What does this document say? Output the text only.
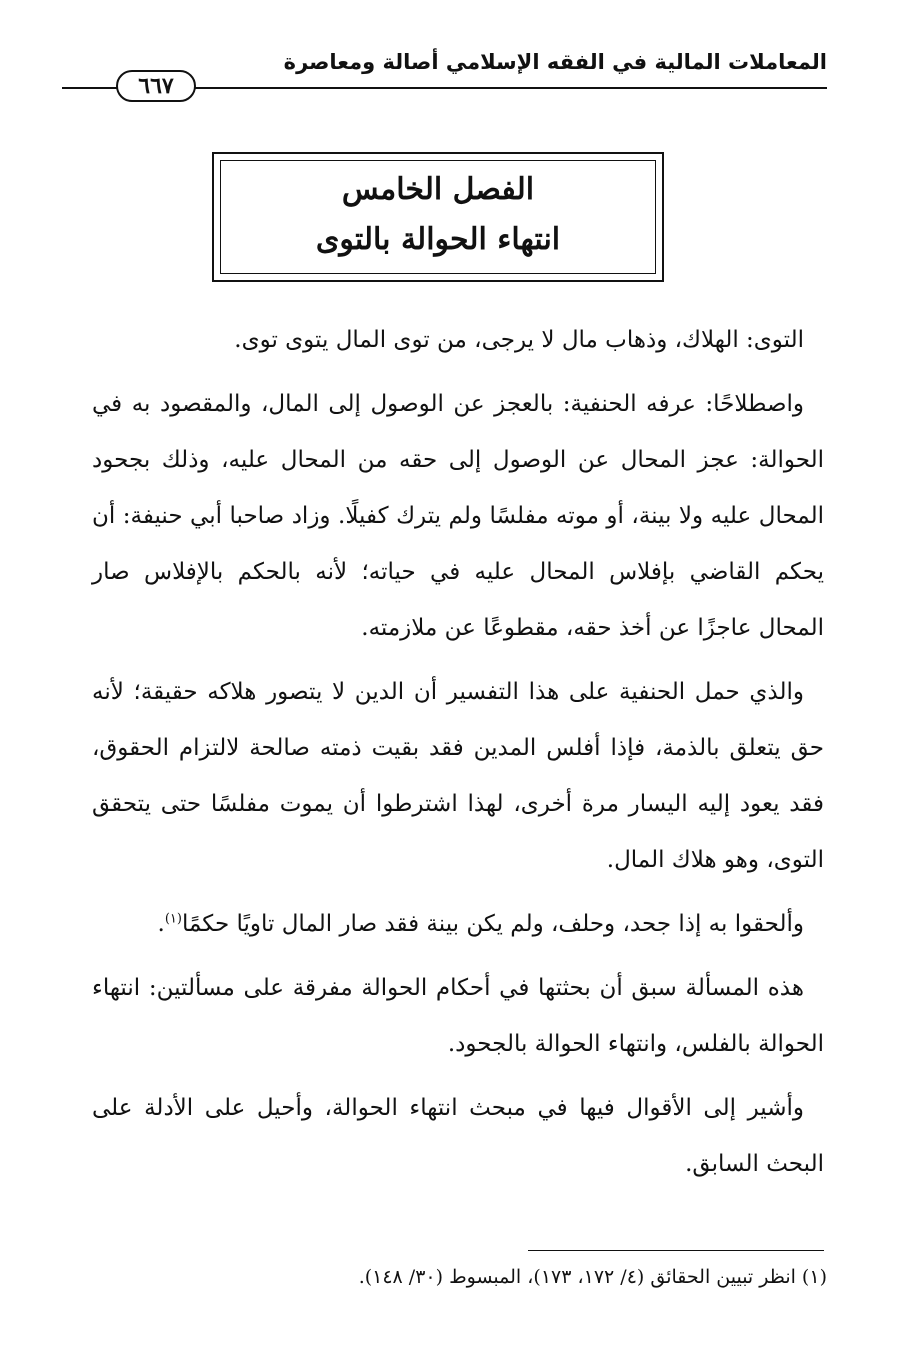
المعاملات المالية في الفقه الإسلامي أصالة ومعاصرة
٦٦٧
الفصل الخامس
انتهاء الحوالة بالتوى

التوى: الهلاك، وذهاب مال لا يرجى، من توى المال يتوى توى.

واصطلاحًا: عرفه الحنفية: بالعجز عن الوصول إلى المال، والمقصود به في الحوالة: عجز المحال عن الوصول إلى حقه من المحال عليه، وذلك بجحود المحال عليه ولا بينة، أو موته مفلسًا ولم يترك كفيلًا. وزاد صاحبا أبي حنيفة: أن يحكم القاضي بإفلاس المحال عليه في حياته؛ لأنه بالحكم بالإفلاس صار المحال عاجزًا عن أخذ حقه، مقطوعًا عن ملازمته.

والذي حمل الحنفية على هذا التفسير أن الدين لا يتصور هلاكه حقيقة؛ لأنه حق يتعلق بالذمة، فإذا أفلس المدين فقد بقيت ذمته صالحة لالتزام الحقوق، فقد يعود إليه اليسار مرة أخرى، لهذا اشترطوا أن يموت مفلسًا حتى يتحقق التوى، وهو هلاك المال.

وألحقوا به إذا جحد، وحلف، ولم يكن بينة فقد صار المال تاويًا حكمًا$^{(١)}$.

هذه المسألة سبق أن بحثتها في أحكام الحوالة مفرقة على مسألتين: انتهاء الحوالة بالفلس، وانتهاء الحوالة بالجحود.

وأشير إلى الأقوال فيها في مبحث انتهاء الحوالة، وأحيل على الأدلة على البحث السابق.

(١) انظر تبيين الحقائق (٤/ ١٧٢، ١٧٣)، المبسوط (٣٠/ ١٤٨).
